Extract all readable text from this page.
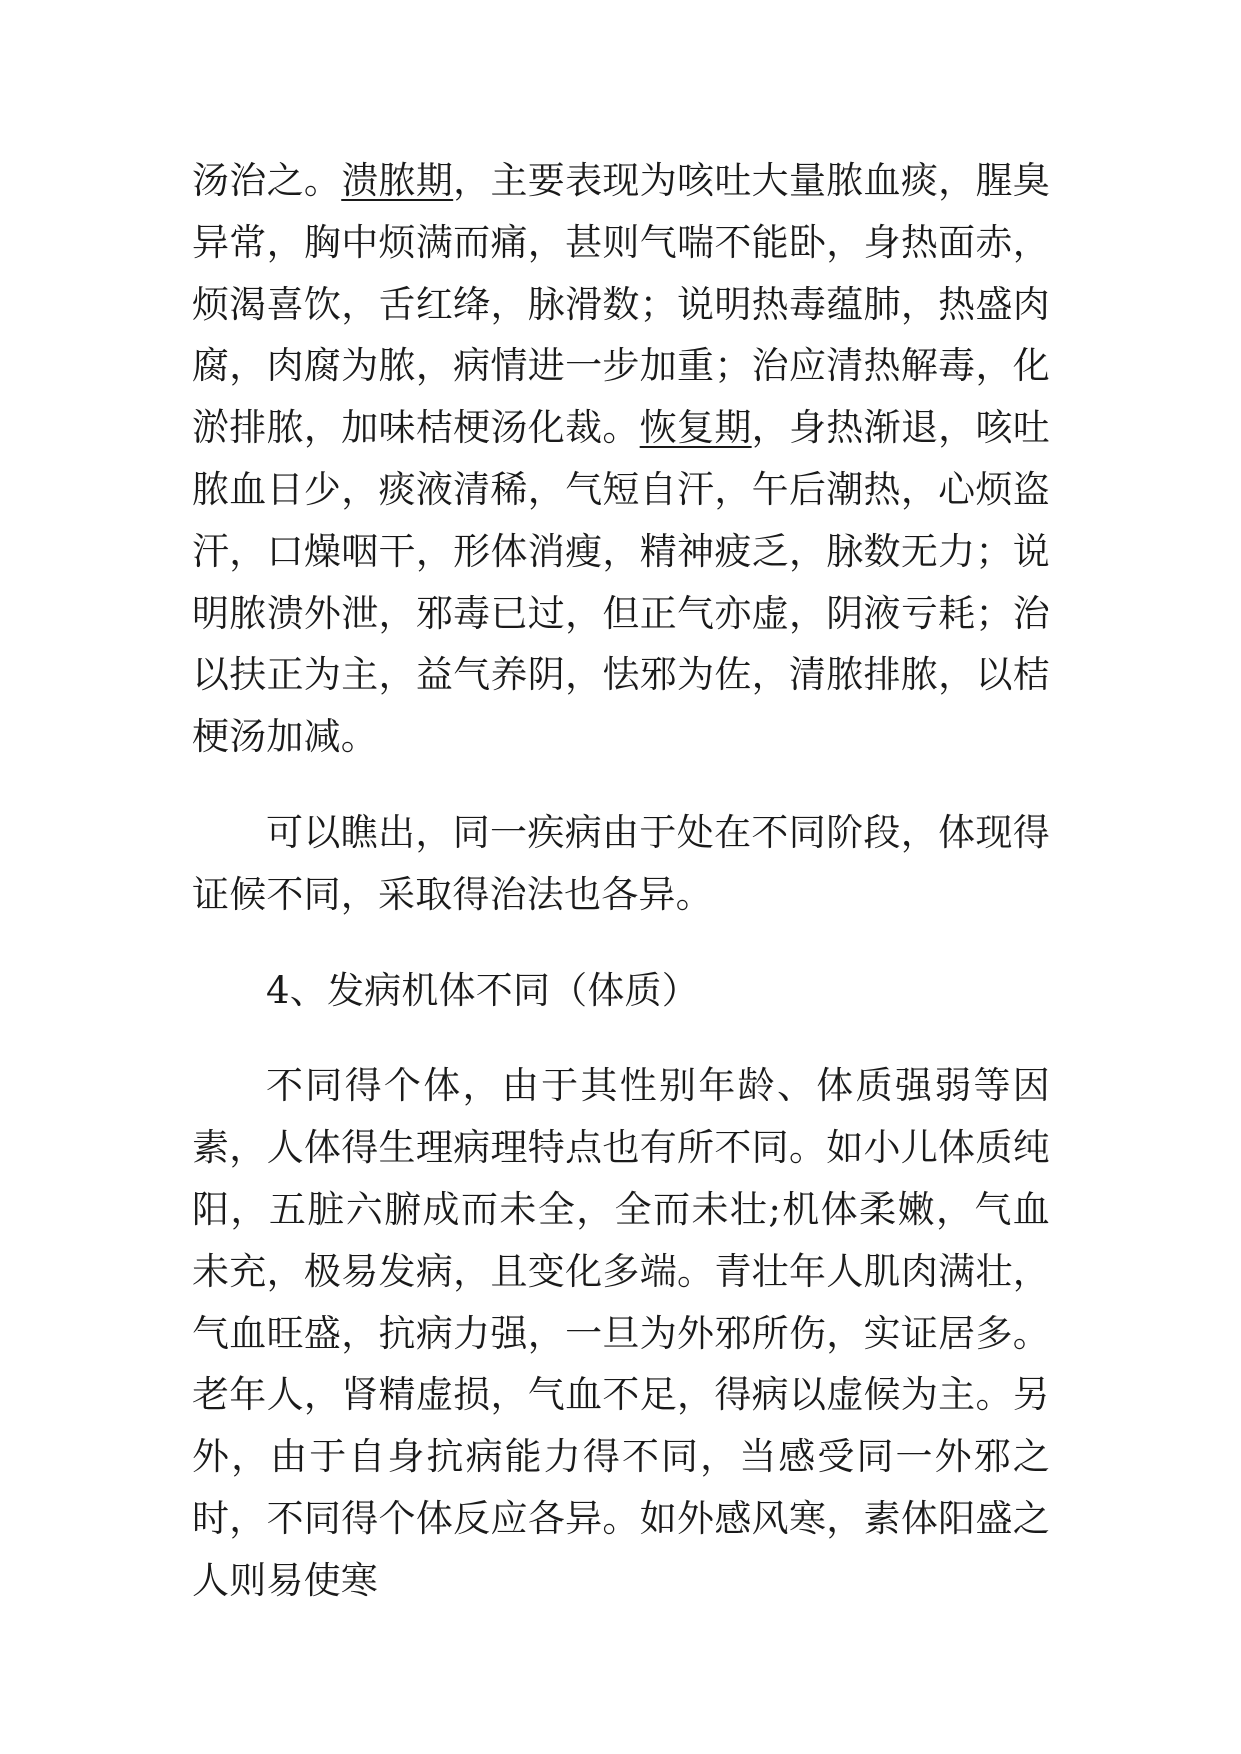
汤治之。溃脓期，主要表现为咳吐大量脓血痰，腥臭异常，胸中烦满而痛，甚则气喘不能卧，身热面赤，烦渴喜饮，舌红绛，脉滑数；说明热毒蕴肺，热盛肉腐，肉腐为脓，病情进一步加重；治应清热解毒，化淤排脓，加味桔梗汤化裁。恢复期，身热渐退，咳吐脓血日少，痰液清稀，气短自汗，午后潮热，心烦盗汗，口燥咽干，形体消瘦，精神疲乏，脉数无力；说明脓溃外泄，邪毒已过，但正气亦虚，阴液亏耗；治以扶正为主，益气养阴，怯邪为佐，清脓排脓，以桔梗汤加减。

可以瞧出，同一疾病由于处在不同阶段，体现得证候不同，采取得治法也各异。

4、发病机体不同（体质）

不同得个体，由于其性别年龄、体质强弱等因素，人体得生理病理特点也有所不同。如小儿体质纯阳，五脏六腑成而未全，全而未壮;机体柔嫩，气血未充，极易发病，且变化多端。青壮年人肌肉满壮，气血旺盛，抗病力强，一旦为外邪所伤，实证居多。老年人，肾精虚损，气血不足，得病以虚候为主。另外，由于自身抗病能力得不同，当感受同一外邪之时，不同得个体反应各异。如外感风寒，素体阳盛之人则易使寒
